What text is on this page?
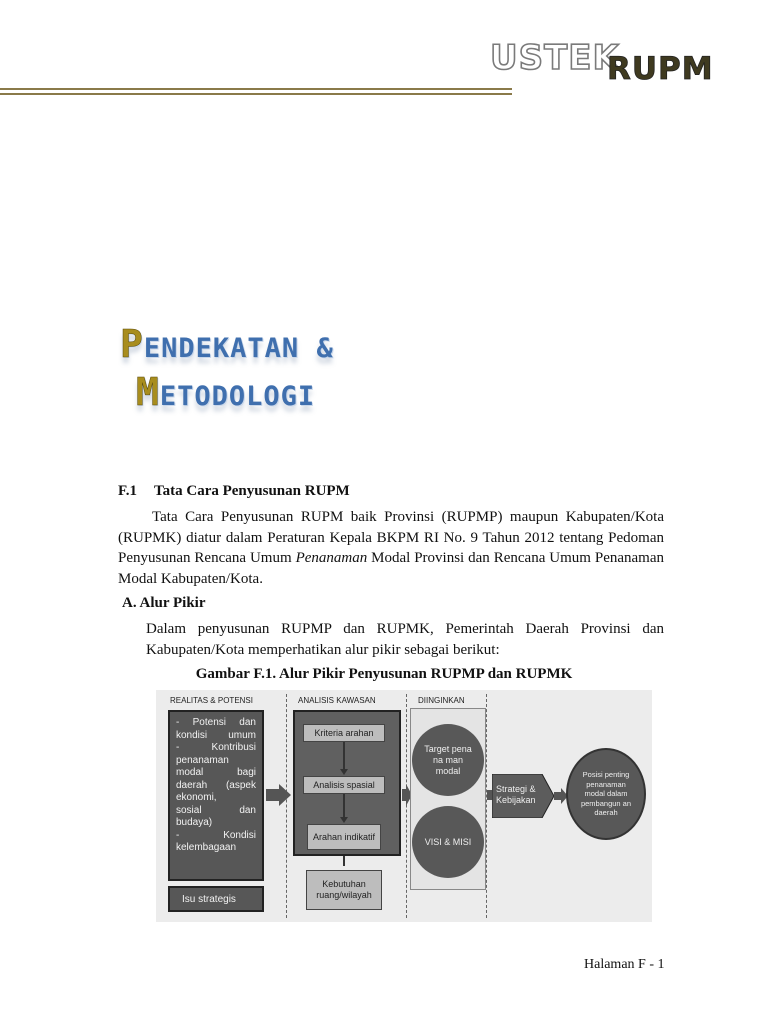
USTEK
RUPM
PENDEKATAN &
METODOLOGI
F.1 Tata Cara Penyusunan RUPM
Tata Cara Penyusunan RUPM baik Provinsi (RUPMP) maupun Kabupaten/Kota (RUPMK) diatur dalam Peraturan Kepala BKPM RI No. 9 Tahun 2012 tentang Pedoman Penyusunan Rencana Umum Penanaman Modal Provinsi dan Rencana Umum Penanaman Modal Kabupaten/Kota.
A. Alur Pikir
Dalam penyusunan RUPMP dan RUPMK, Pemerintah Daerah Provinsi dan Kabupaten/Kota memperhatikan alur pikir sebagai berikut:
Gambar F.1. Alur Pikir Penyusunan RUPMP dan RUPMK
REALITAS & POTENSI	ANALISIS KAWASAN	DIINGINKAN
- Potensi dan
kondisi umum
- Kontribusi
penanaman
modal bagi
daerah (aspek
ekonomi,
sosial dan
budaya)
- Kondisi
kelembagaan
Isu strategis
Kriteria arahan
Analisis spasial
Arahan indikatif
Kebutuhan ruang/wilayah
Target pena na man modal
VISI & MISI
Strategi & Kebijakan
Posisi penting penanaman modal dalam pembangun an daerah
Halaman F - 1
